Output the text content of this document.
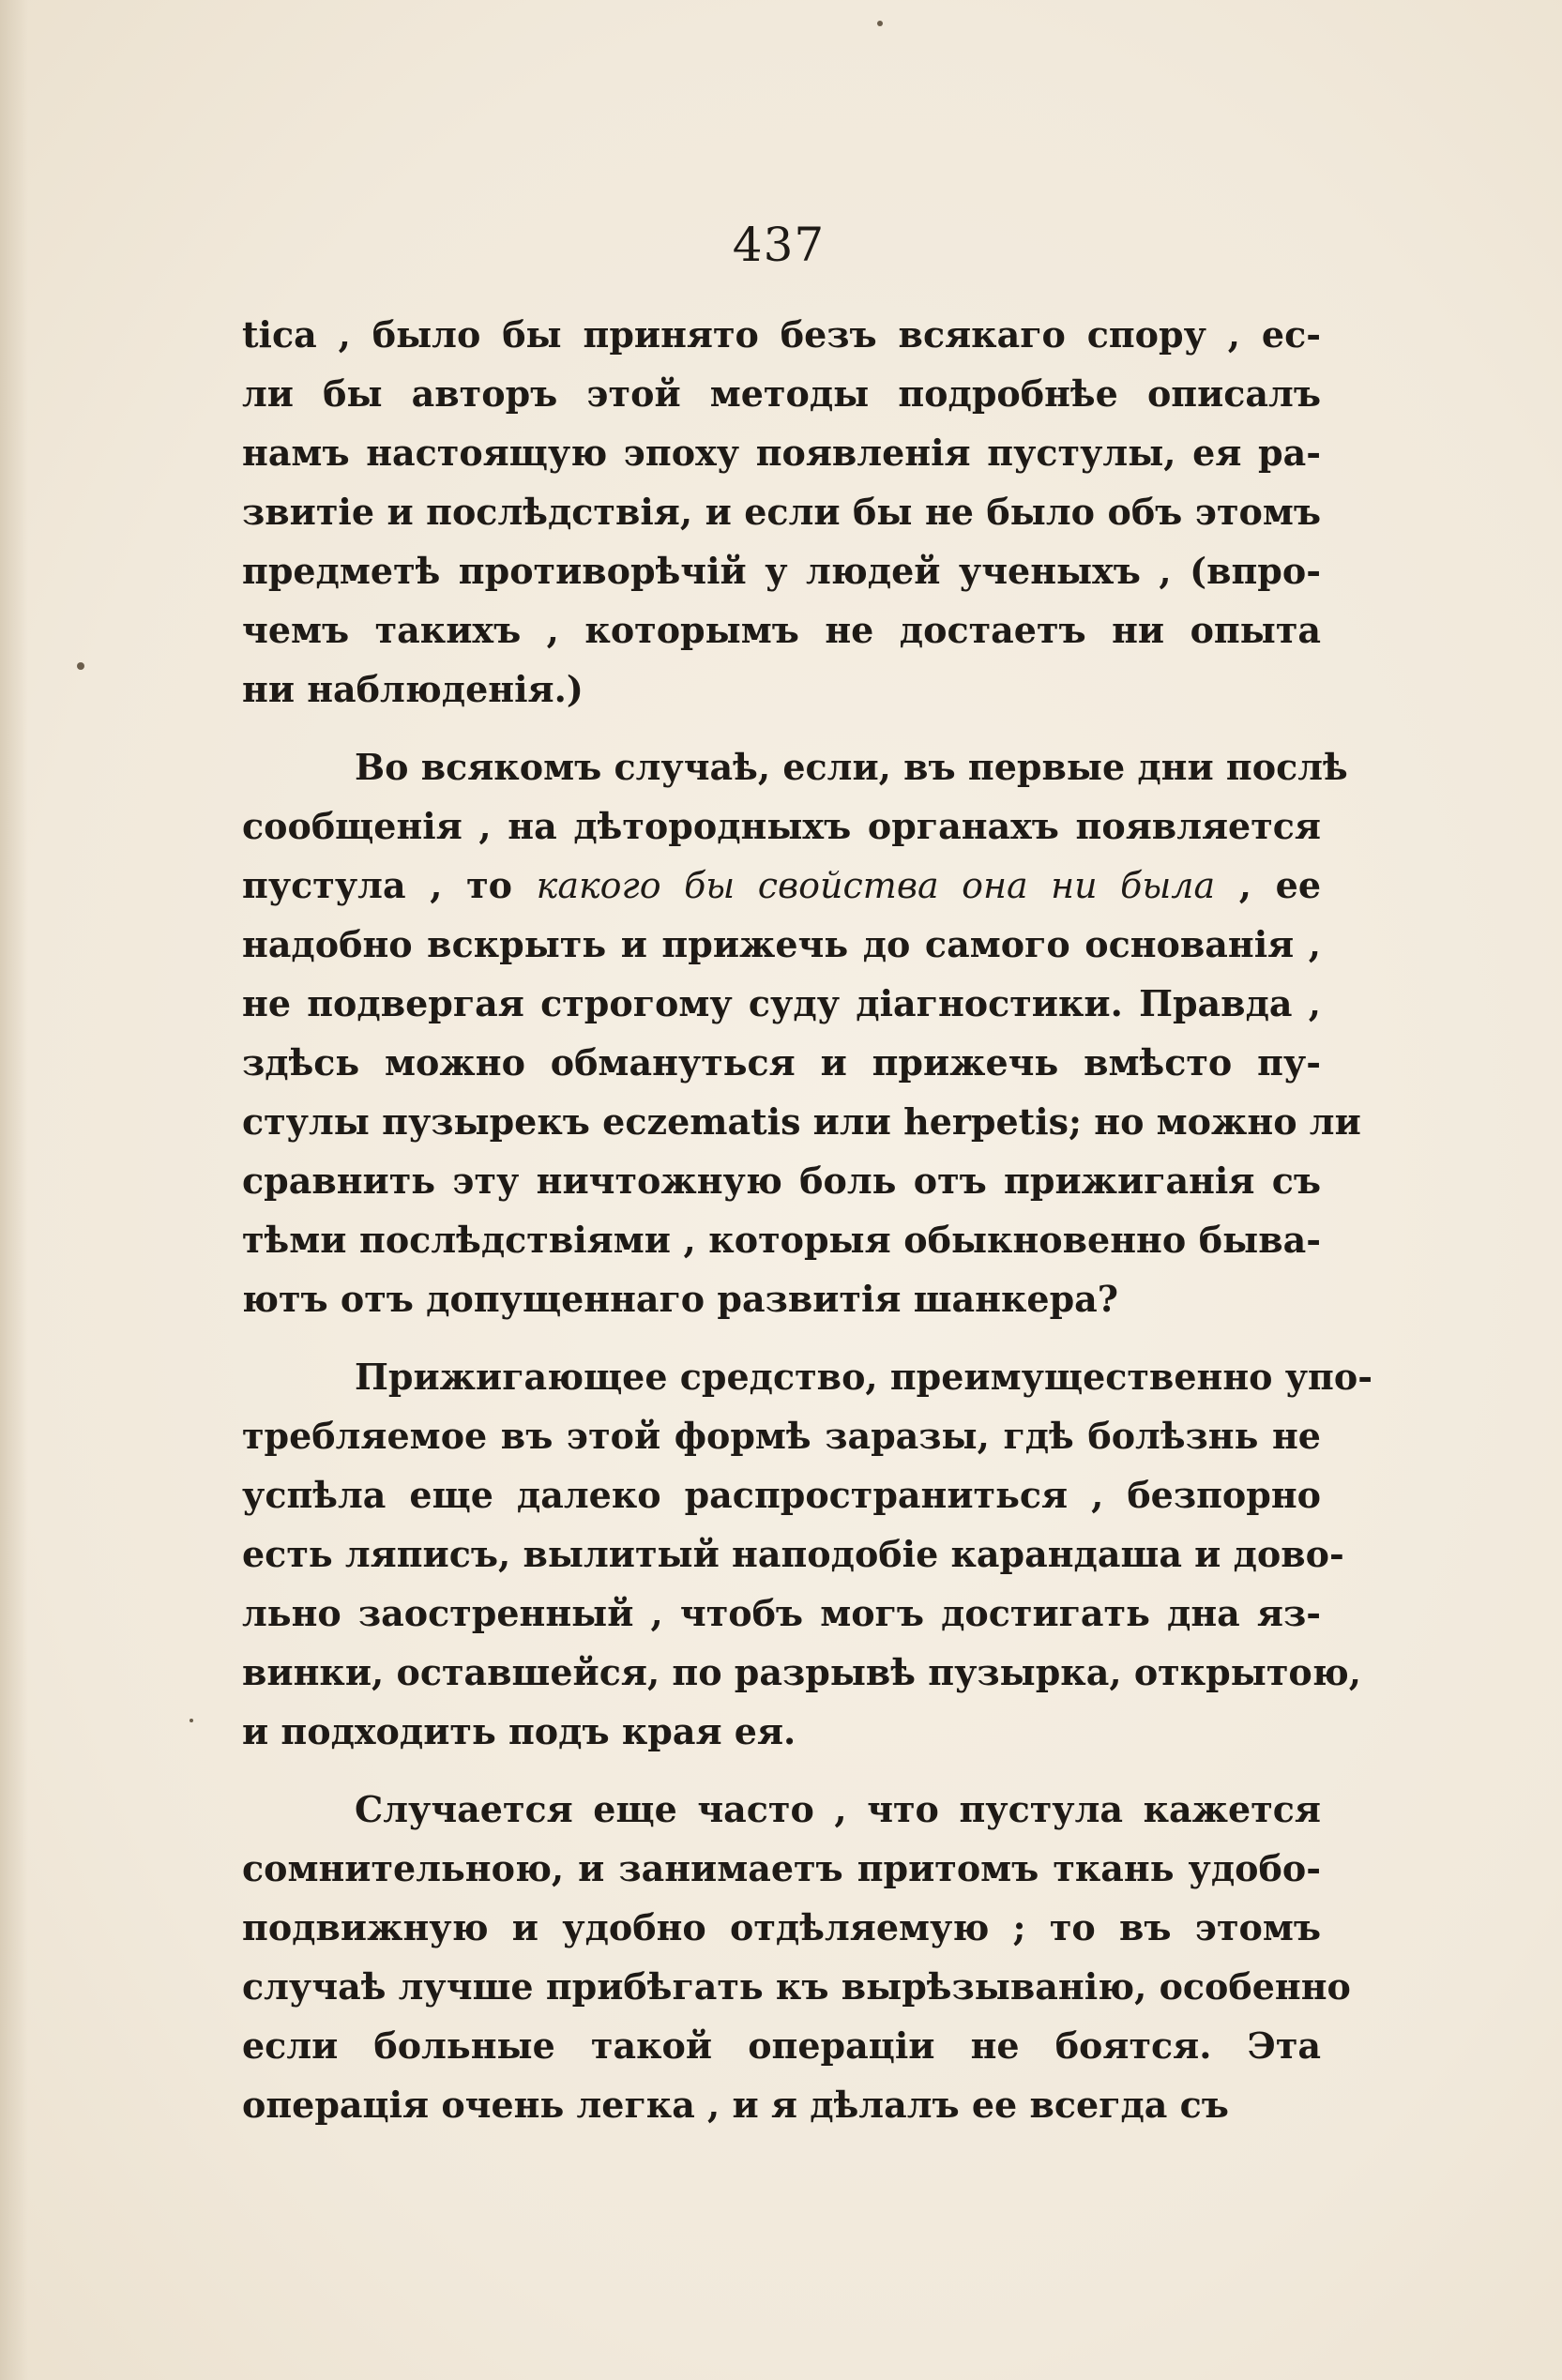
437
tica , было бы принято безъ всякаго спору , ес-
ли бы авторъ этой методы подробнѣе описалъ
намъ настоящую эпоху появленія пустулы, ея ра-
звитіе и послѣдствія, и если бы не было объ этомъ
предметѣ противорѣчій у людей ученыхъ , (впро-
чемъ такихъ , которымъ не достаетъ ни опыта
ни наблюденія.)
Во всякомъ случаѣ, если, въ первые дни послѣ
сообщенія , на дѣтородныхъ органахъ появляется
пустула , то какого бы свойства она ни была , ее
надобно вскрыть и прижечь до самого основанія ,
не подвергая строгому суду діагностики. Правда ,
здѣсь можно обмануться и прижечь вмѣсто пу-
стулы пузырекъ eczematis или herpetis; но можно ли
сравнить эту ничтожную боль отъ прижиганія съ
тѣми послѣдствіями , которыя обыкновенно быва-
ютъ отъ допущеннаго развитія шанкера?
Прижигающее средство, преимущественно упо-
требляемое въ этой формѣ заразы, гдѣ болѣзнь не
успѣла еще далеко распространиться , безпорно
есть ляписъ, вылитый наподобіе карандаша и дово-
льно заостренный , чтобъ могъ достигать дна яз-
винки, оставшейся, по разрывѣ пузырка, открытою,
и подходить подъ края ея.
Случается еще часто , что пустула кажется
сомнительною, и занимаетъ притомъ ткань удобо-
подвижную и удобно отдѣляемую ; то въ этомъ
случаѣ лучше прибѣгать къ вырѣзыванію, особенно
если больные такой операціи не боятся. Эта
операція очень легка , и я дѣлалъ ее всегда съ
